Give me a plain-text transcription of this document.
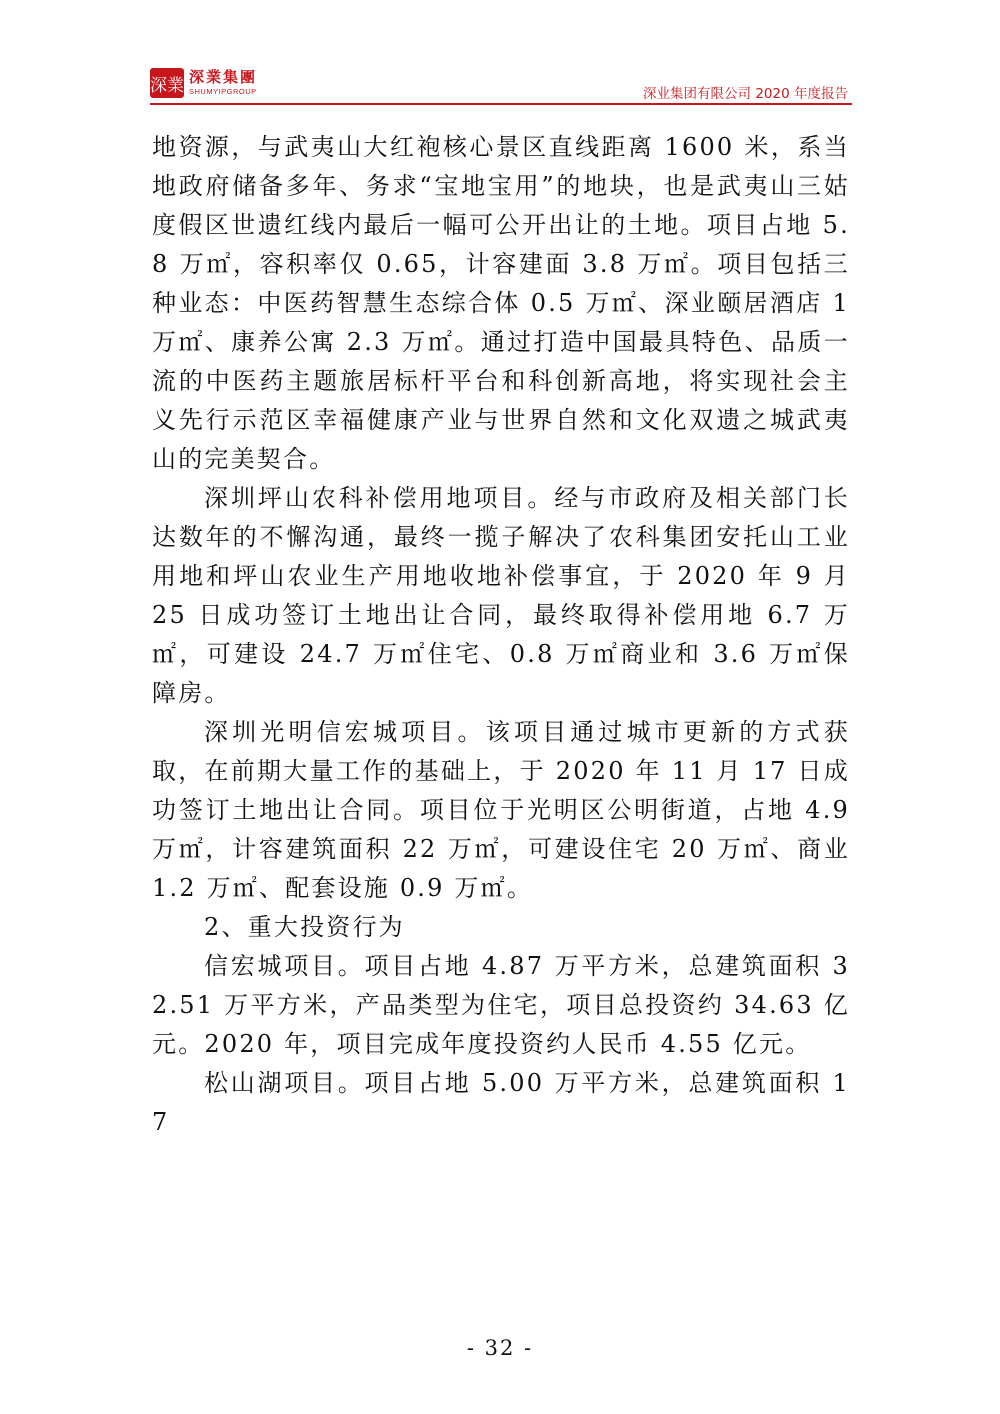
深業 深業集團
SHUMYIPGROUP	深业集团有限公司 2020 年度报告

地资源，与武夷山大红袍核心景区直线距离 1600 米，系当地政府储备多年、务求“宝地宝用”的地块，也是武夷山三姑度假区世遗红线内最后一幅可公开出让的土地。项目占地 5.8 万㎡，容积率仅 0.65，计容建面 3.8 万㎡。项目包括三种业态：中医药智慧生态综合体 0.5 万㎡、深业颐居酒店 1 万㎡、康养公寓 2.3 万㎡。通过打造中国最具特色、品质一流的中医药主题旅居标杆平台和科创新高地，将实现社会主义先行示范区幸福健康产业与世界自然和文化双遗之城武夷山的完美契合。

深圳坪山农科补偿用地项目。经与市政府及相关部门长达数年的不懈沟通，最终一揽子解决了农科集团安托山工业用地和坪山农业生产用地收地补偿事宜，于 2020 年 9 月 25 日成功签订土地出让合同，最终取得补偿用地 6.7 万㎡，可建设 24.7 万㎡住宅、0.8 万㎡商业和 3.6 万㎡保障房。

深圳光明信宏城项目。该项目通过城市更新的方式获取，在前期大量工作的基础上，于 2020 年 11 月 17 日成功签订土地出让合同。项目位于光明区公明街道，占地 4.9 万㎡，计容建筑面积 22 万㎡，可建设住宅 20 万㎡、商业 1.2 万㎡、配套设施 0.9 万㎡。

2、重大投资行为

信宏城项目。项目占地 4.87 万平方米，总建筑面积 32.51 万平方米，产品类型为住宅，项目总投资约 34.63 亿元。2020 年，项目完成年度投资约人民币 4.55 亿元。

松山湖项目。项目占地 5.00 万平方米，总建筑面积 17

- 32 -
